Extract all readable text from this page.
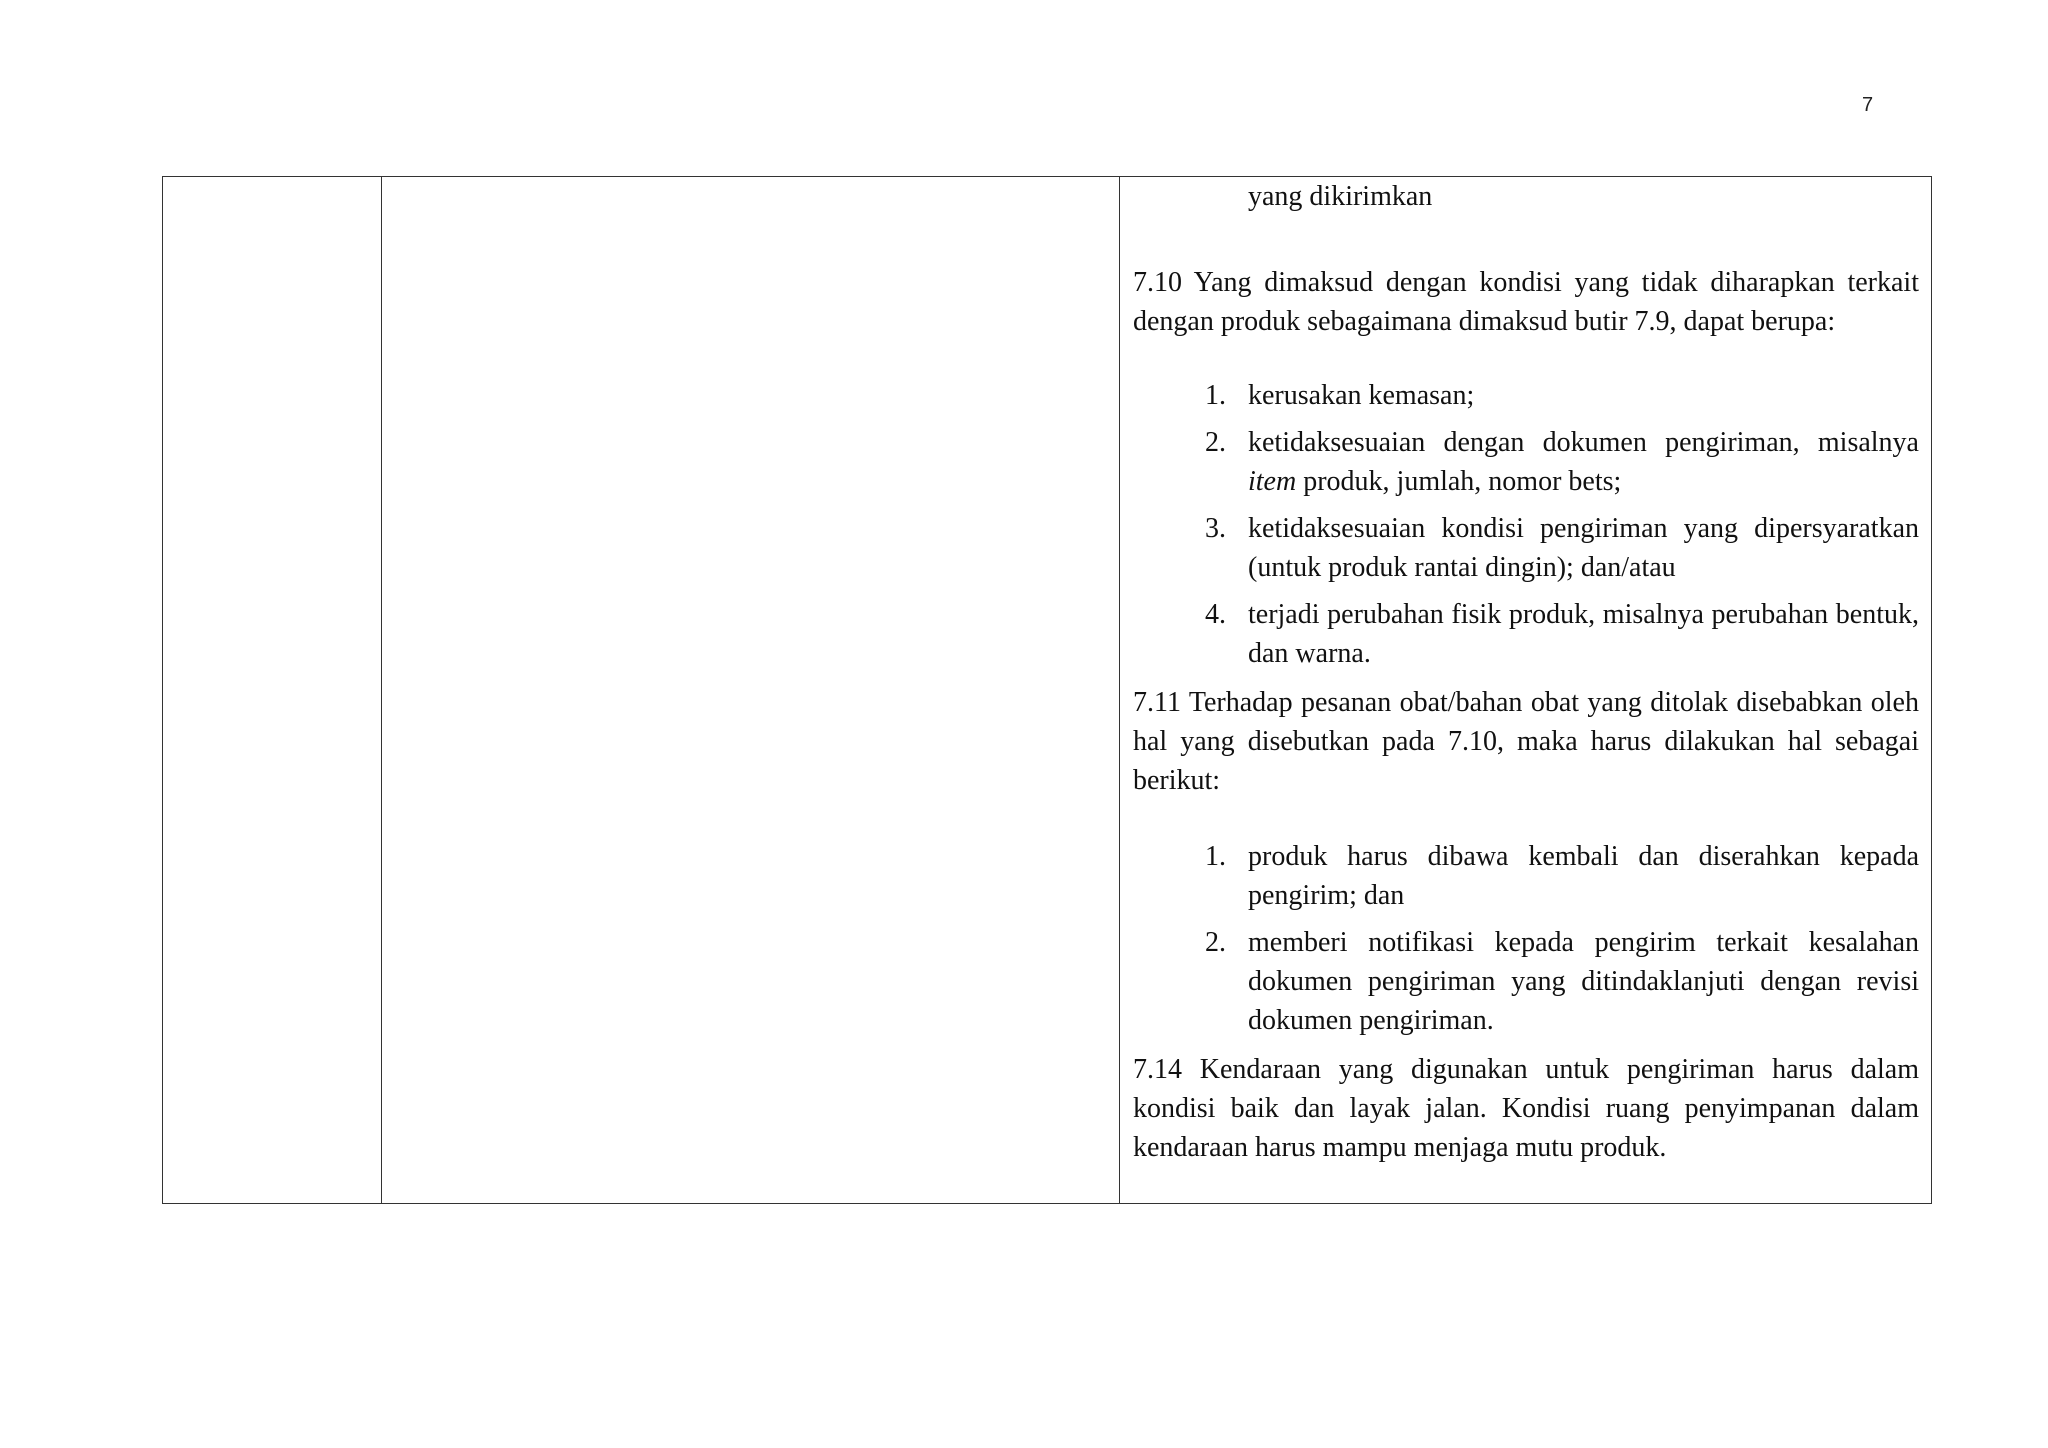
7

yang dikirimkan

7.10 Yang dimaksud dengan kondisi yang tidak diharapkan terkait dengan produk sebagaimana dimaksud butir 7.9, dapat berupa:

1. kerusakan kemasan;
2. ketidaksesuaian dengan dokumen pengiriman, misalnya item produk, jumlah, nomor bets;
3. ketidaksesuaian kondisi pengiriman yang dipersyaratkan (untuk produk rantai dingin); dan/atau
4. terjadi perubahan fisik produk, misalnya perubahan bentuk, dan warna.

7.11 Terhadap pesanan obat/bahan obat yang ditolak disebabkan oleh hal yang disebutkan pada 7.10, maka harus dilakukan hal sebagai berikut:

1. produk harus dibawa kembali dan diserahkan kepada pengirim; dan
2. memberi notifikasi kepada pengirim terkait kesalahan dokumen pengiriman yang ditindaklanjuti dengan revisi dokumen pengiriman.

7.14 Kendaraan yang digunakan untuk pengiriman harus dalam kondisi baik dan layak jalan. Kondisi ruang penyimpanan dalam kendaraan harus mampu menjaga mutu produk.
